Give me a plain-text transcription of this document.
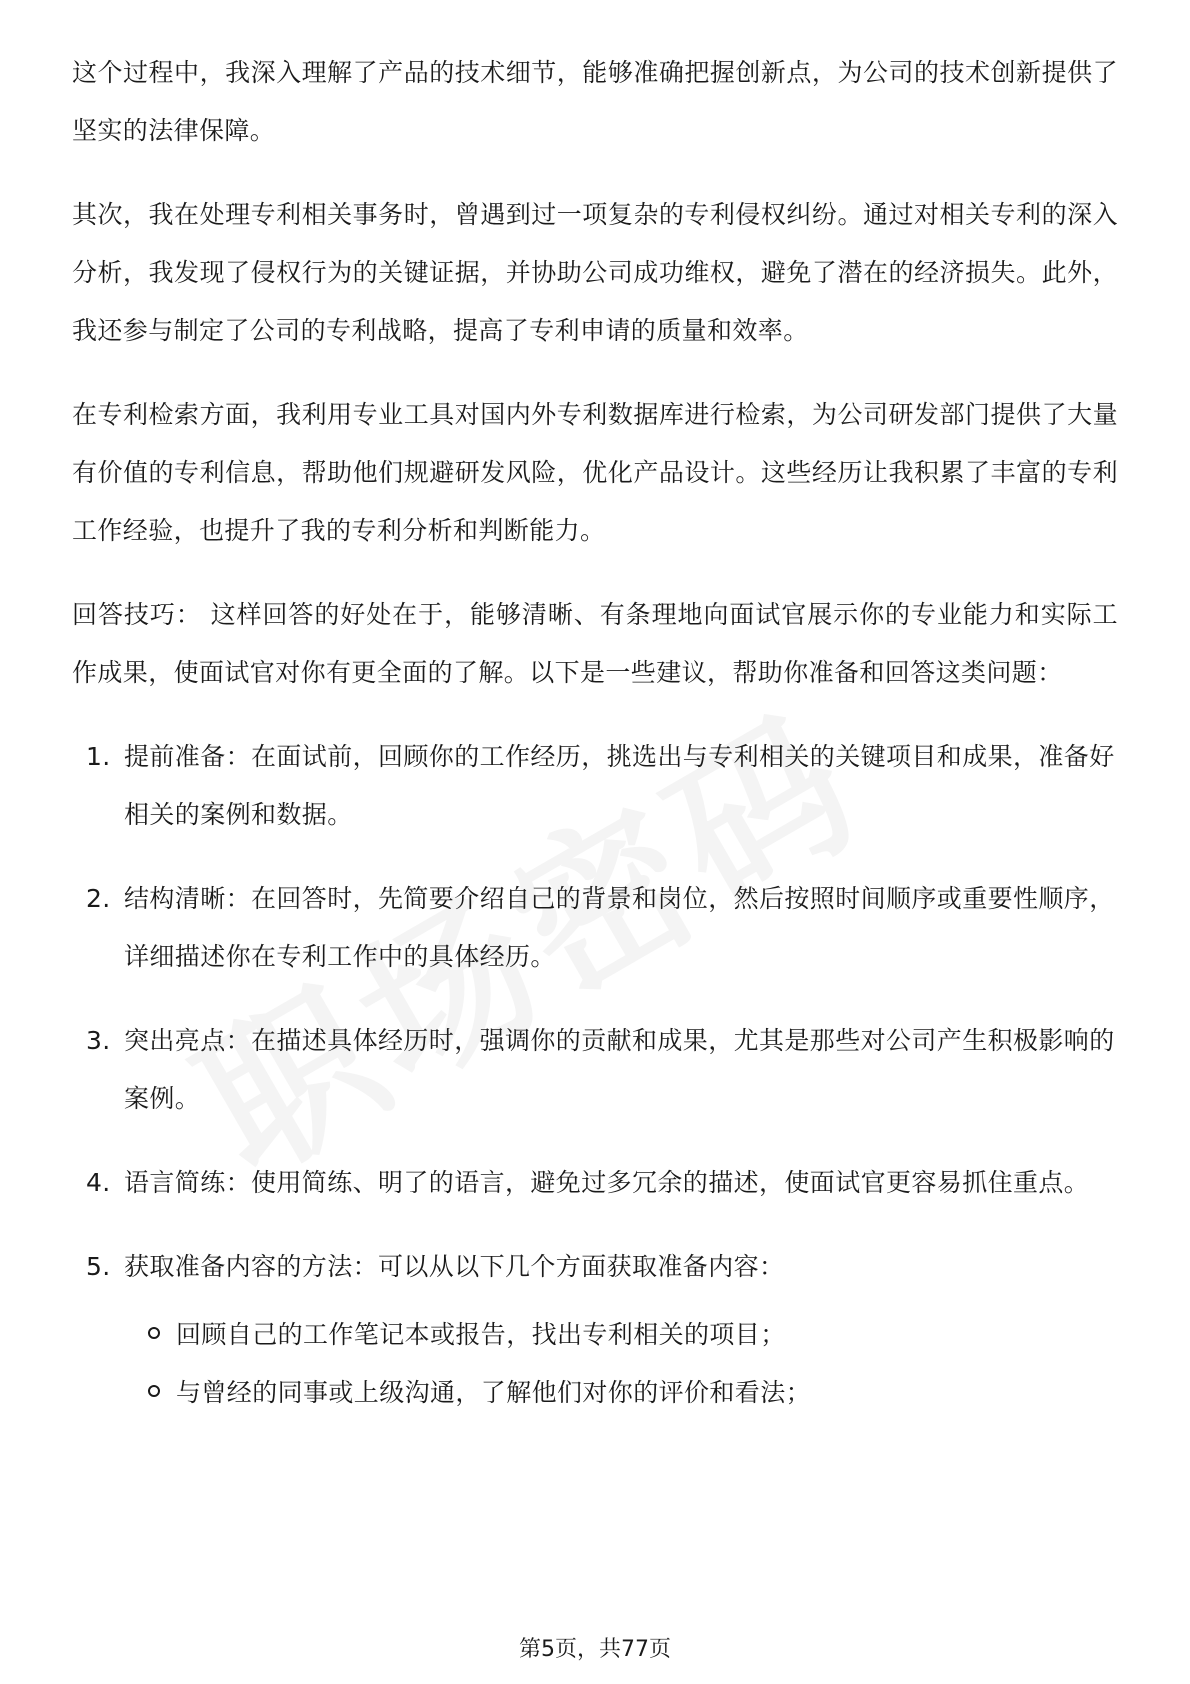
这个过程中，我深入理解了产品的技术细节，能够准确把握创新点，为公司的技术创新提供了坚实的法律保障。

其次，我在处理专利相关事务时，曾遇到过一项复杂的专利侵权纠纷。通过对相关专利的深入分析，我发现了侵权行为的关键证据，并协助公司成功维权，避免了潜在的经济损失。此外，我还参与制定了公司的专利战略，提高了专利申请的质量和效率。

在专利检索方面，我利用专业工具对国内外专利数据库进行检索，为公司研发部门提供了大量有价值的专利信息，帮助他们规避研发风险，优化产品设计。这些经历让我积累了丰富的专利工作经验，也提升了我的专利分析和判断能力。

回答技巧： 这样回答的好处在于，能够清晰、有条理地向面试官展示你的专业能力和实际工作成果，使面试官对你有更全面的了解。以下是一些建议，帮助你准备和回答这类问题：

1. 提前准备：在面试前，回顾你的工作经历，挑选出与专利相关的关键项目和成果，准备好相关的案例和数据。
2. 结构清晰：在回答时，先简要介绍自己的背景和岗位，然后按照时间顺序或重要性顺序，详细描述你在专利工作中的具体经历。
3. 突出亮点：在描述具体经历时，强调你的贡献和成果，尤其是那些对公司产生积极影响的案例。
4. 语言简练：使用简练、明了的语言，避免过多冗余的描述，使面试官更容易抓住重点。
5. 获取准备内容的方法：可以从以下几个方面获取准备内容：
回顾自己的工作笔记本或报告，找出专利相关的项目；
与曾经的同事或上级沟通，了解他们对你的评价和看法；
第5页，共77页
